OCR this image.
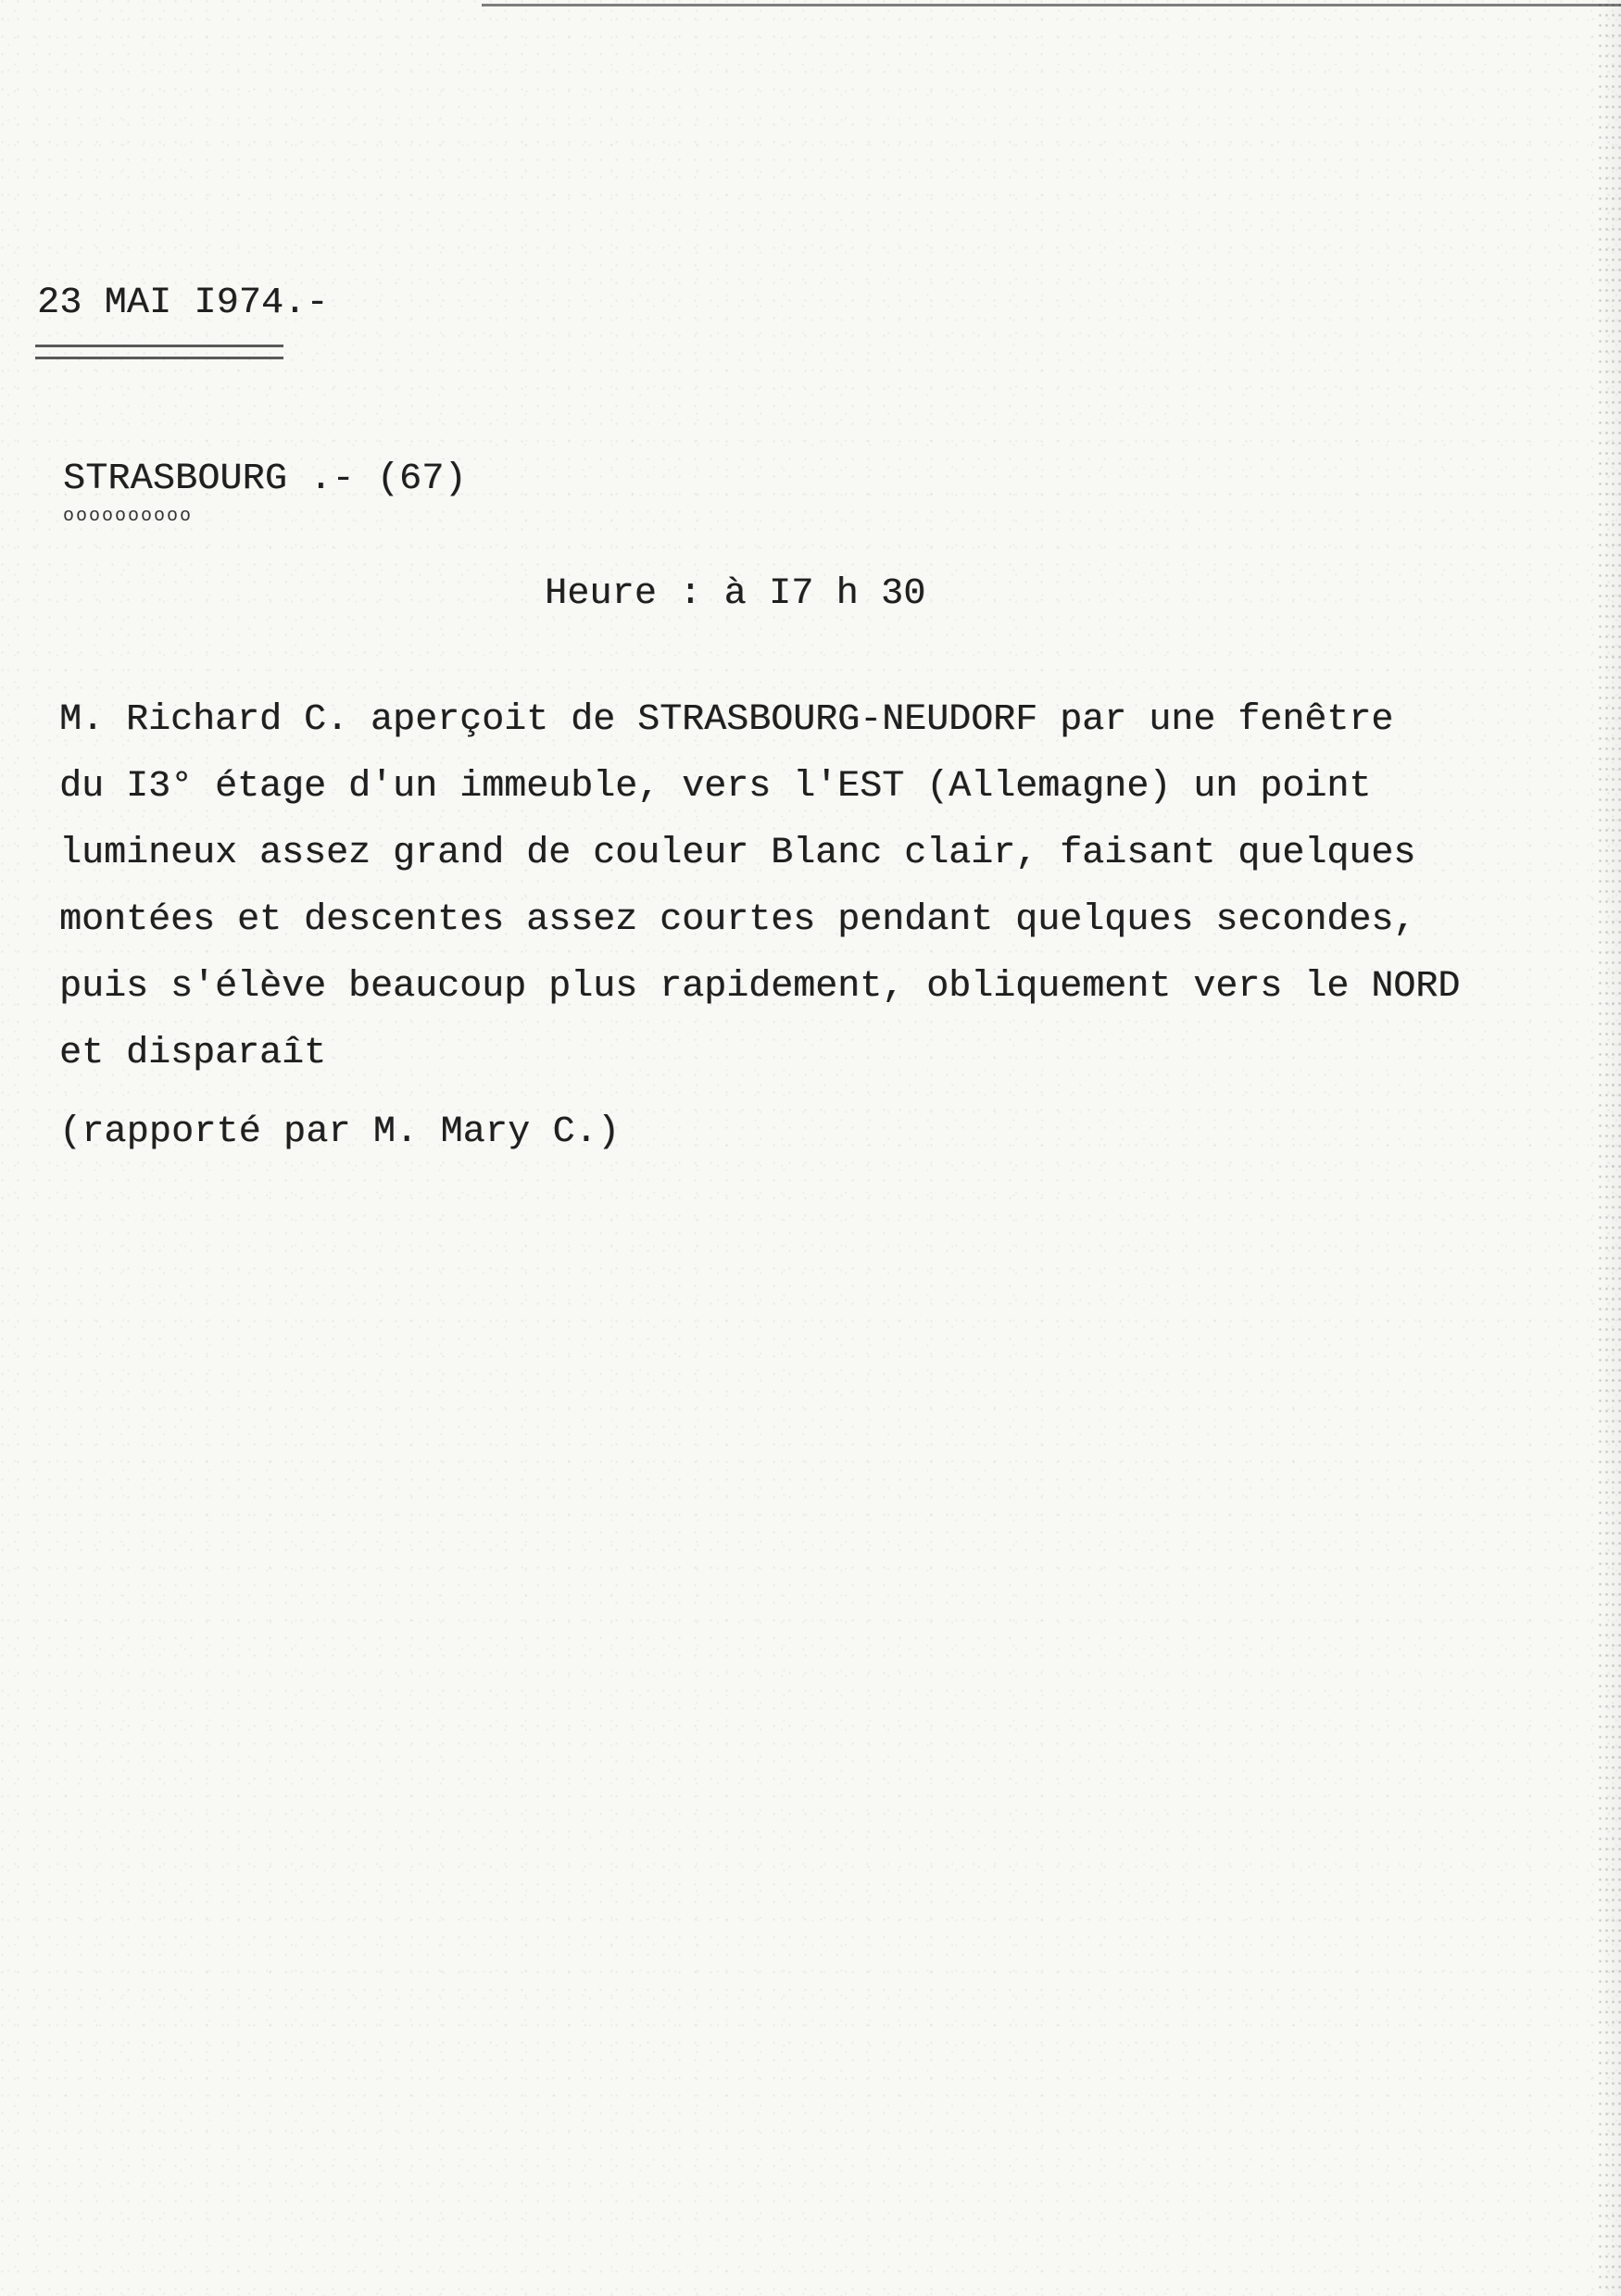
23 MAI I974.-

STRASBOURG .- (67)

oooooooooo

Heure : à I7 h 30

M. Richard C. aperçoit de STRASBOURG-NEUDORF par une fenêtre
du I3° étage d'un immeuble, vers l'EST (Allemagne) un point
lumineux assez grand de couleur Blanc clair, faisant quelques
montées et descentes assez courtes pendant quelques secondes,
puis s'élève beaucoup plus rapidement, obliquement vers le NORD
et disparaît

(rapporté par M. Mary C.)
